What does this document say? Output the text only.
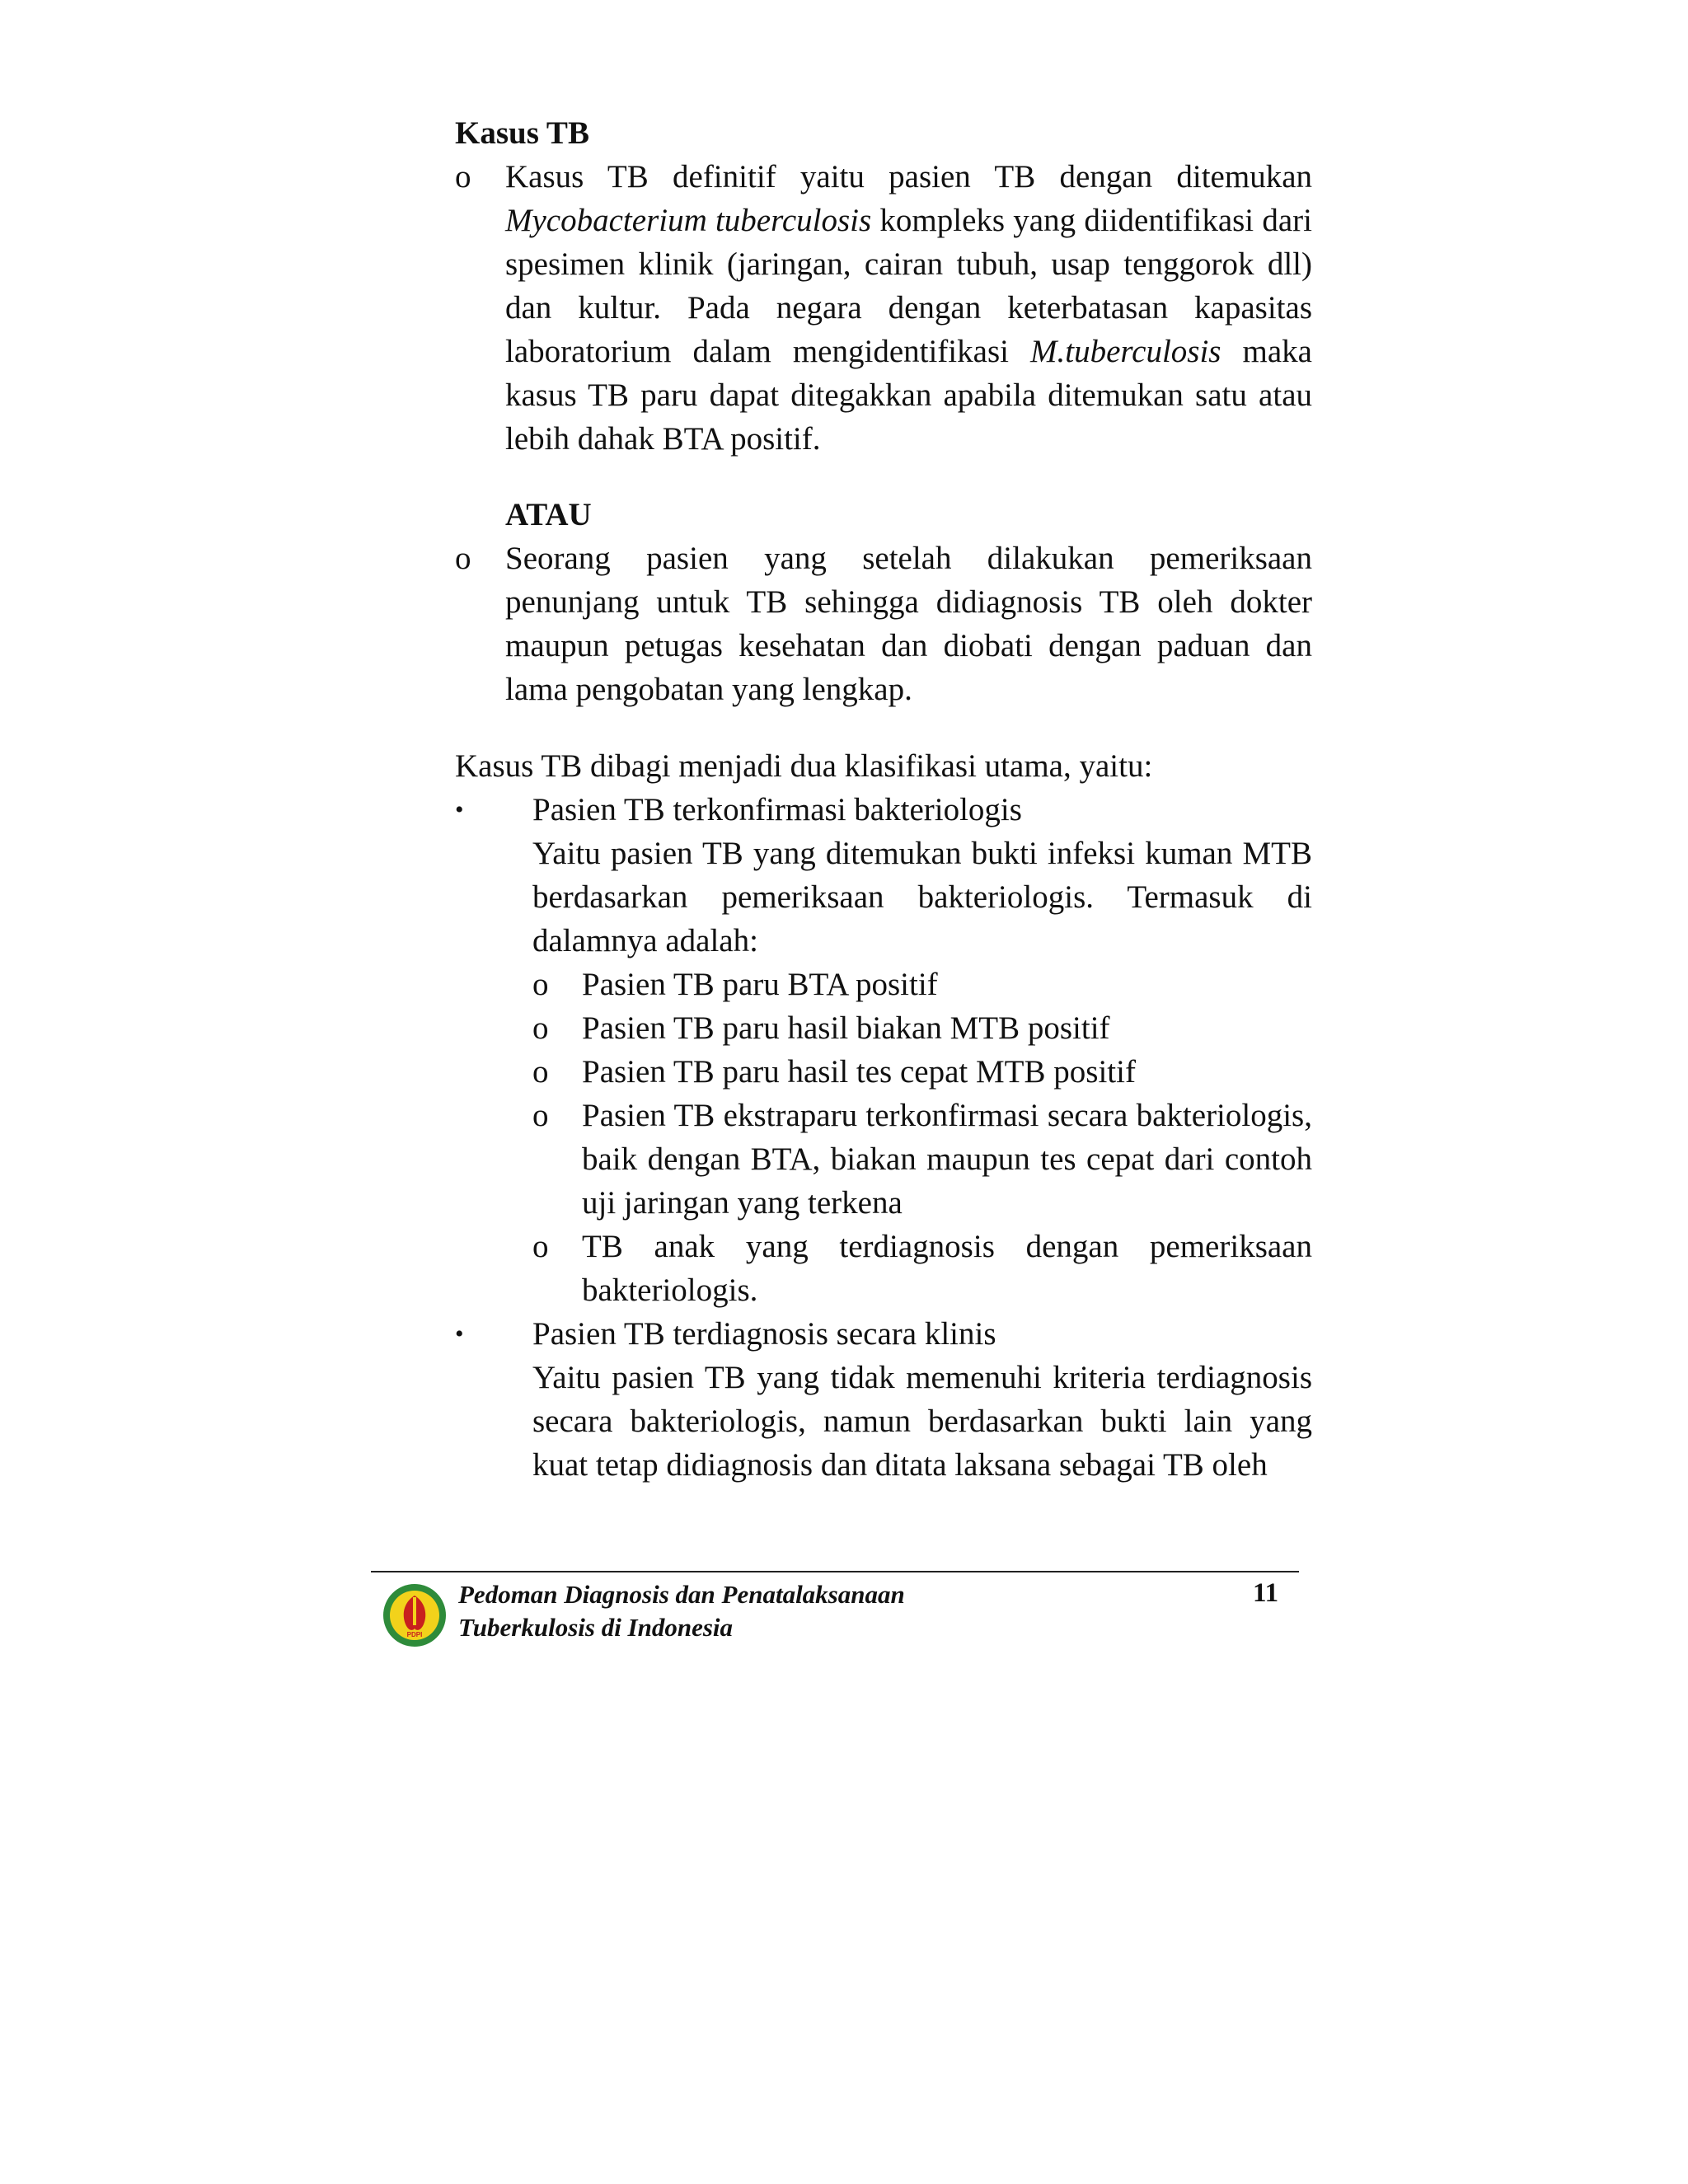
Kasus TB
o	Kasus TB definitif yaitu pasien TB dengan ditemukan Mycobacterium tuberculosis kompleks yang diidentifikasi dari spesimen klinik (jaringan, cairan tubuh, usap tenggorok dll) dan kultur. Pada negara dengan keterbatasan kapasitas laboratorium dalam mengidentifikasi M.tuberculosis maka kasus TB paru dapat ditegakkan apabila ditemukan satu atau lebih dahak BTA positif.
ATAU
o	Seorang pasien yang setelah dilakukan pemeriksaan penunjang untuk TB sehingga didiagnosis TB oleh dokter maupun petugas kesehatan dan diobati dengan paduan dan lama pengobatan yang lengkap.
Kasus TB dibagi menjadi dua klasifikasi utama, yaitu:
• Pasien TB terkonfirmasi bakteriologis
Yaitu pasien TB yang ditemukan bukti infeksi kuman MTB berdasarkan pemeriksaan bakteriologis. Termasuk di dalamnya adalah:
o Pasien TB paru BTA positif
o Pasien TB paru hasil biakan MTB positif
o Pasien TB paru hasil tes cepat MTB positif
o Pasien TB ekstraparu terkonfirmasi secara bakteriologis, baik dengan BTA, biakan maupun tes cepat dari contoh uji jaringan yang terkena
o TB anak yang terdiagnosis dengan pemeriksaan bakteriologis.
• Pasien TB terdiagnosis secara klinis
Yaitu pasien TB yang tidak memenuhi kriteria terdiagnosis secara bakteriologis, namun berdasarkan bukti lain yang kuat tetap didiagnosis dan ditata laksana sebagai TB oleh
PDPI
Pedoman Diagnosis dan Penatalaksanaan
Tuberkulosis di Indonesia
11
